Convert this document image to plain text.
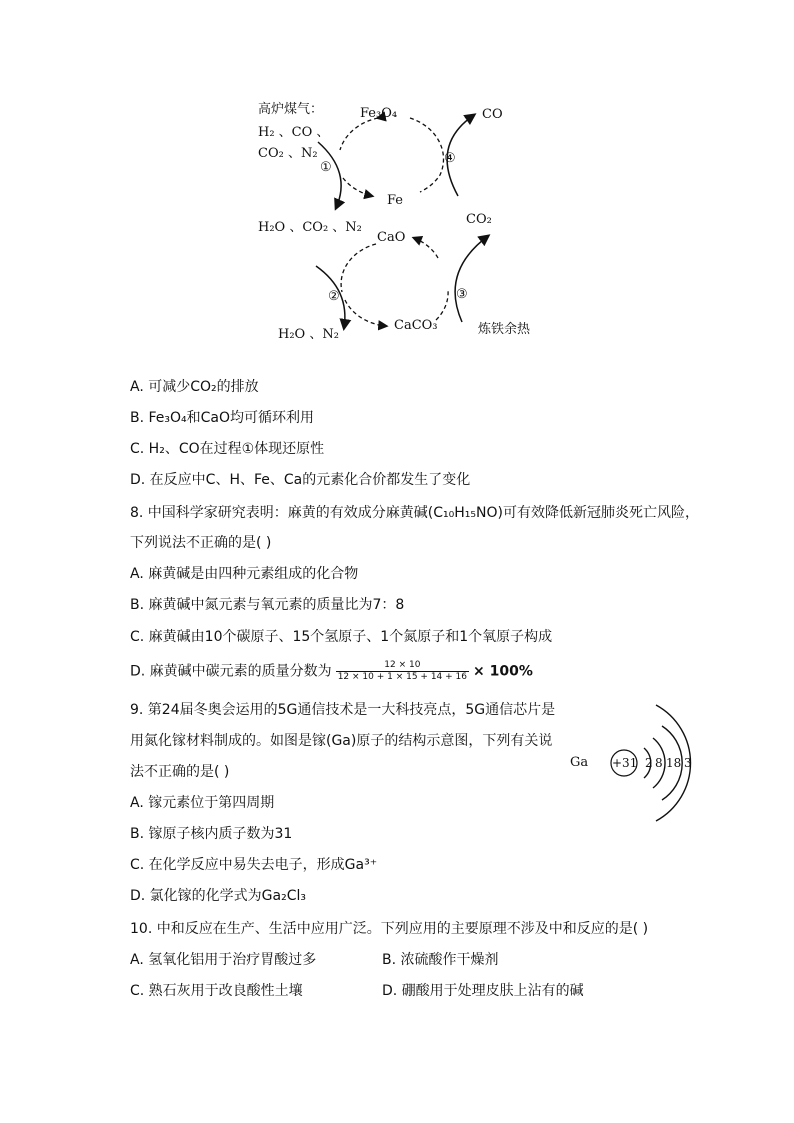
高炉煤气：
H₂ 、CO 、
CO₂ 、N₂
Fe₃O₄	CO
①
④
Fe
H₂O 、CO₂ 、N₂
CO₂
CaO
②	③
H₂O 、N₂
CaCO₃	炼铁余热
A. 可减少CO₂的排放
B. Fe₃O₄和CaO均可循环利用
C. H₂、CO在过程①体现还原性
D. 在反应中C、H、Fe、Ca的元素化合价都发生了变化
8. 中国科学家研究表明：麻黄的有效成分麻黄碱(C₁₀H₁₅NO)可有效降低新冠肺炎死亡风险，
下列说法不正确的是( )
A. 麻黄碱是由四种元素组成的化合物
B. 麻黄碱中氮元素与氧元素的质量比为7：8
C. 麻黄碱由10个碳原子、15个氢原子、1个氮原子和1个氧原子构成
D. 麻黄碱中碳元素的质量分数为 $\frac{12 \times 10}{12 \times 10 + 1 \times 15 + 14 + 16} \times 100\%$
9. 第24届冬奥会运用的5G通信技术是一大科技亮点，5G通信芯片是
用氮化镓材料制成的。如图是镓(Ga)原子的结构示意图，下列有关说
法不正确的是( )
A. 镓元素位于第四周期
B. 镓原子核内质子数为31
C. 在化学反应中易失去电子，形成Ga³⁺
D. 氯化镓的化学式为Ga₂Cl₃
Ga +31 2 8 18 3
10. 中和反应在生产、生活中应用广泛。下列应用的主要原理不涉及中和反应的是( )
A. 氢氧化铝用于治疗胃酸过多	B. 浓硫酸作干燥剂
C. 熟石灰用于改良酸性土壤	D. 硼酸用于处理皮肤上沾有的碱
